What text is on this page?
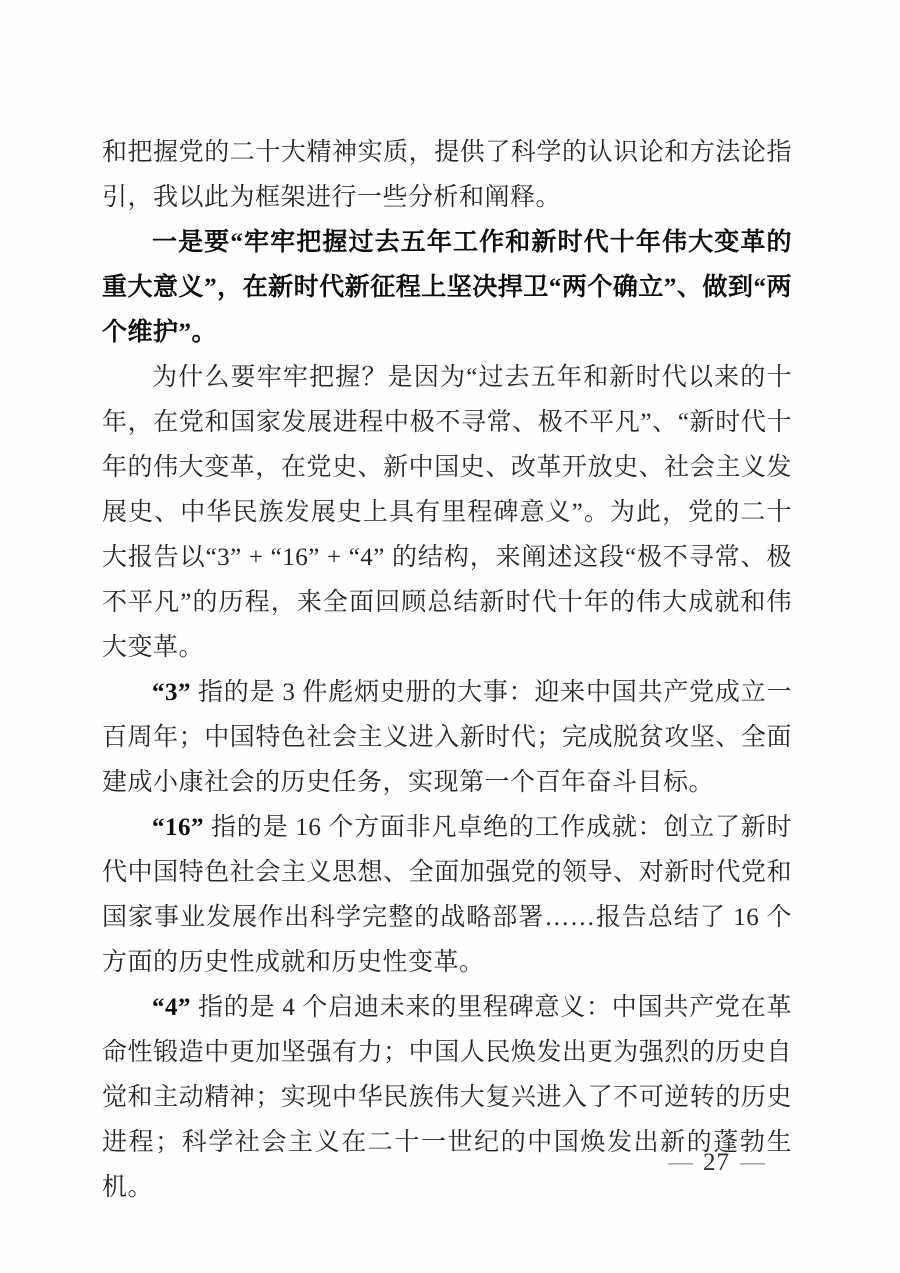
和把握党的二十大精神实质，提供了科学的认识论和方法论指引，我以此为框架进行一些分析和阐释。

一是要“牢牢把握过去五年工作和新时代十年伟大变革的重大意义”，在新时代新征程上坚决捍卫“两个确立”、做到“两个维护”。

为什么要牢牢把握？是因为“过去五年和新时代以来的十年，在党和国家发展进程中极不寻常、极不平凡”、“新时代十年的伟大变革，在党史、新中国史、改革开放史、社会主义发展史、中华民族发展史上具有里程碑意义”。为此，党的二十大报告以“3” + “16” + “4” 的结构，来阐述这段“极不寻常、极不平凡”的历程，来全面回顾总结新时代十年的伟大成就和伟大变革。

“3” 指的是 3 件彪炳史册的大事：迎来中国共产党成立一百周年；中国特色社会主义进入新时代；完成脱贫攻坚、全面建成小康社会的历史任务，实现第一个百年奋斗目标。

“16” 指的是 16 个方面非凡卓绝的工作成就：创立了新时代中国特色社会主义思想、全面加强党的领导、对新时代党和国家事业发展作出科学完整的战略部署……报告总结了 16 个方面的历史性成就和历史性变革。

“4” 指的是 4 个启迪未来的里程碑意义：中国共产党在革命性锻造中更加坚强有力；中国人民焕发出更为强烈的历史自觉和主动精神；实现中华民族伟大复兴进入了不可逆转的历史进程；科学社会主义在二十一世纪的中国焕发出新的蓬勃生机。

— 27 —
